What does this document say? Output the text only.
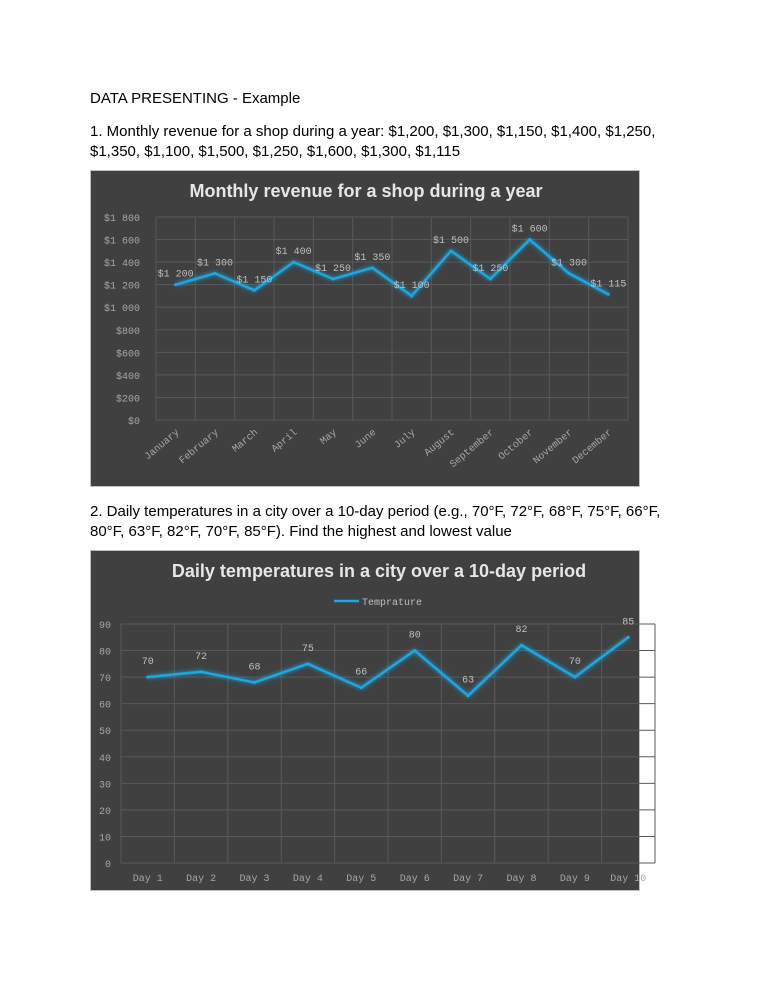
DATA PRESENTING - Example
1. Monthly revenue for a shop during a year: $1,200, $1,300, $1,150, $1,400, $1,250, $1,350, $1,100, $1,500, $1,250, $1,600, $1,300, $1,115
Monthly revenue for a shop during a year
$0
$200
$400
$600
$800
$1 000
$1 200
$1 400
$1 600
$1 800
January
February March April May June July August
September October
November
December
$1 200
$1 300
$1 150
$1 400
$1 250
$1 350
$1 100
$1 500
$1 250
$1 600
$1 300
$1 115
2. Daily temperatures in a city over a 10-day period (e.g., 70°F, 72°F, 68°F, 75°F, 66°F, 80°F, 63°F, 82°F, 70°F, 85°F). Find the highest and lowest value
Daily temperatures in a city over a 10-day period
Temprature
0
10
20
30
40
50
60
70
80
90
Day 1 Day 2 Day 3 Day 4 Day 5 Day 6 Day 7 Day 8 Day 9 Day 10
70	72
68
75
66
80
63
82
70
85
